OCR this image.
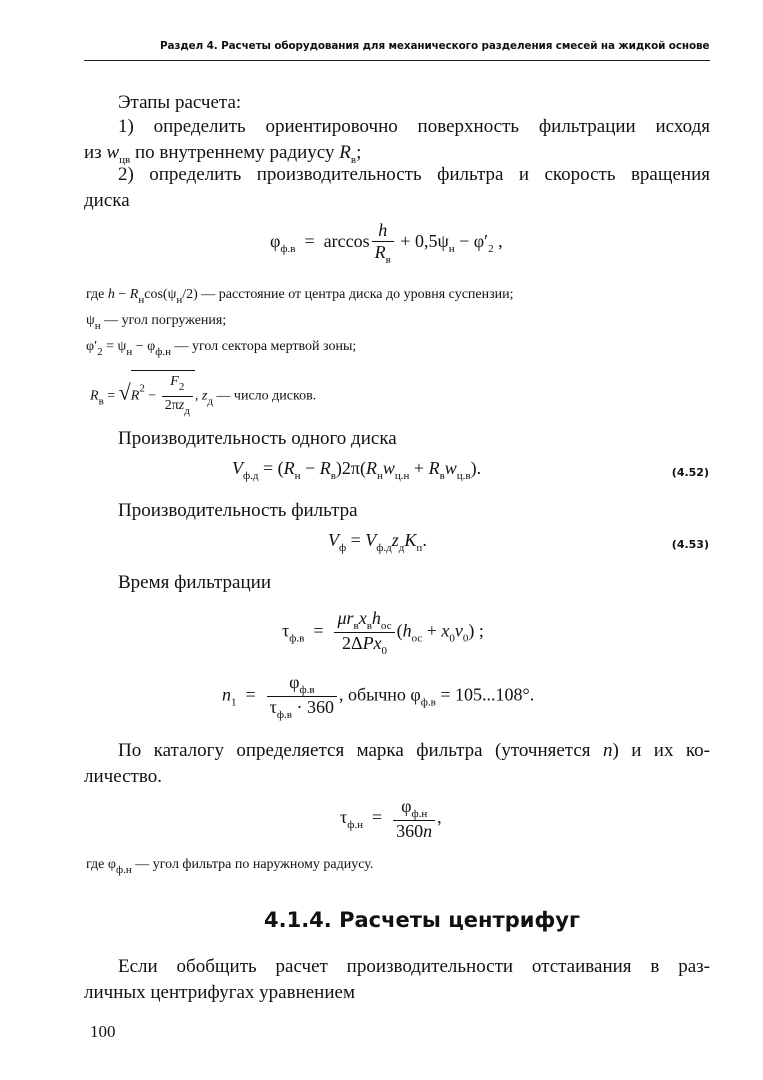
Раздел 4. Расчеты оборудования для механического разделения смесей на жидкой основе
Этапы расчета:
1) определить ориентировочно поверхность фильтрации исходя
из $w_{цв}$ по внутреннему радиусу $R_в$;
2) определить производительность фильтра и скорость вращения
диска
$\varphi_{ф.в} = \arccos \frac{h}{R_в} + 0,5\psi_н - \varphi'_2$ ,
где $h - R_н\cos(\psi_н/2)$ — расстояние от центра диска до уровня суспензии;
$\psi_н$ — угол погружения;
$\varphi'_2 = \psi_н - \varphi_{ф.н}$ — угол сектора мертвой зоны;
$R_в = √R^2 - \frac{F_2}{2\pi z_д}$ , $z_д$ — число дисков.
Производительность одного диска
$V_{ф.д} = (R_н - R_в)2\pi(R_нw_{ц.н} + R_вw_{ц.в})$.	(4.52)
Производительность фильтра
$V_ф = V_{ф.д}z_дK_п$.	(4.53)
Время фильтрации
$\tau_{ф.в} = \frac{\mu r_вx_вh_{ос}}{2\Delta Px_0} (h_{ос} + x_0v_0)$ ;
$n_1 = \frac{\varphi_{ф.в}}{\tau_{ф.в} \cdot 360}$ , обычно $\varphi_{ф.в} = 105...108^\circ$.
По каталогу определяется марка фильтра (уточняется n) и их ко-
личество.
$\tau_{ф.н} = \frac{\varphi_{ф.н}}{360n}$ ,
где $\varphi_{ф.н}$ — угол фильтра по наружному радиусу.
4.1.4. Расчеты центрифуг
Если обобщить расчет производительности отстаивания в раз-
личных центрифугах уравнением
100
